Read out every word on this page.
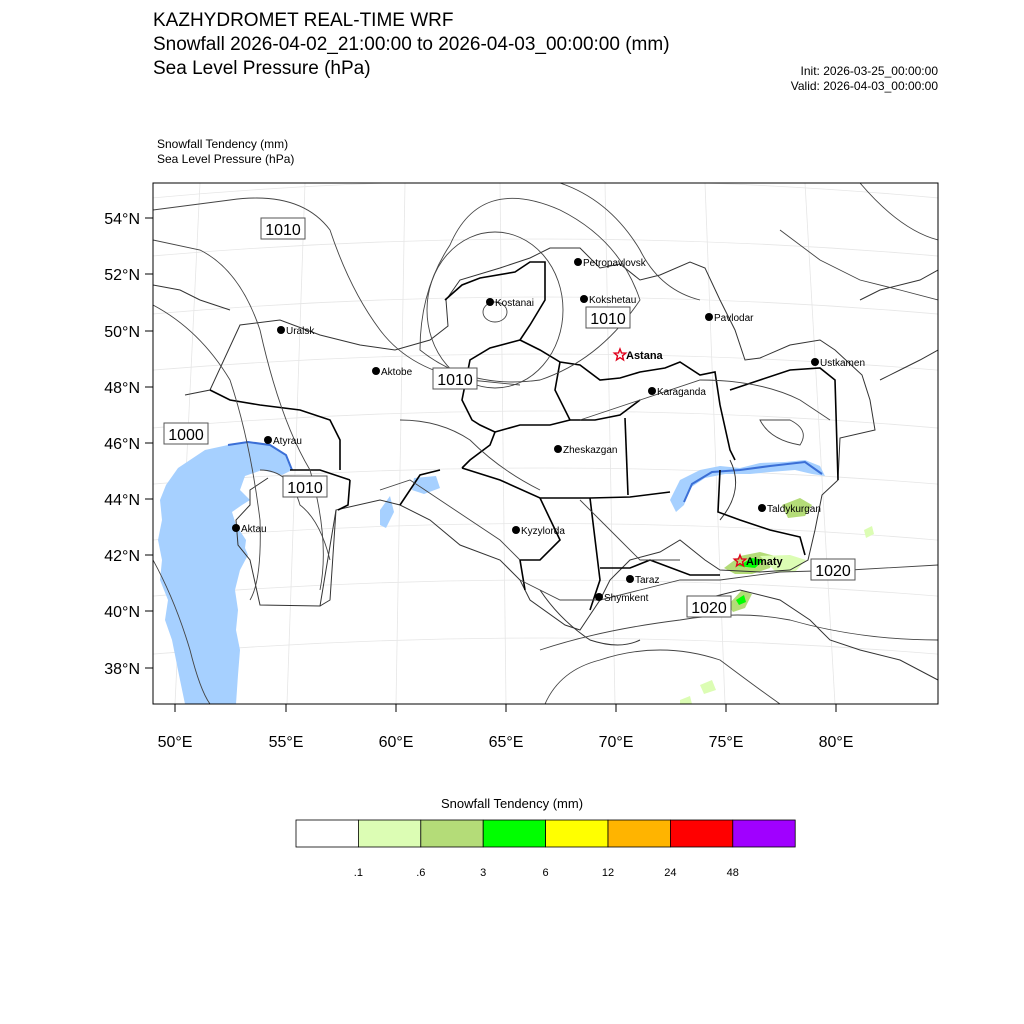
KAZHYDROMET REAL-TIME WRF
Snowfall 2026-04-02_21:00:00 to 2026-04-03_00:00:00 (mm)
Sea Level Pressure (hPa)	Init: 2026-03-25_00:00:00
Valid: 2026-04-03_00:00:00
Snowfall Tendency (mm)
Sea Level Pressure (hPa)
54°N
52°N
50°N
48°N
46°N
44°N
42°N
40°N
38°N
50°E	55°E	60°E	65°E	70°E	75°E	80°E
1010
1010
1010
1000
1010
1020
1020
Petropavlovsk
Kostanai	Kokshetau
Pavlodar
Uralsk
Aktobe
Astana
Ustkamen
Karaganda
Atyrau
Zheskazgan
Taldykurgan
Aktau	Kyzylorda
Almaty
Taraz
Shymkent
Snowfall Tendency (mm)
.1	.6	3	6	12	24	48
